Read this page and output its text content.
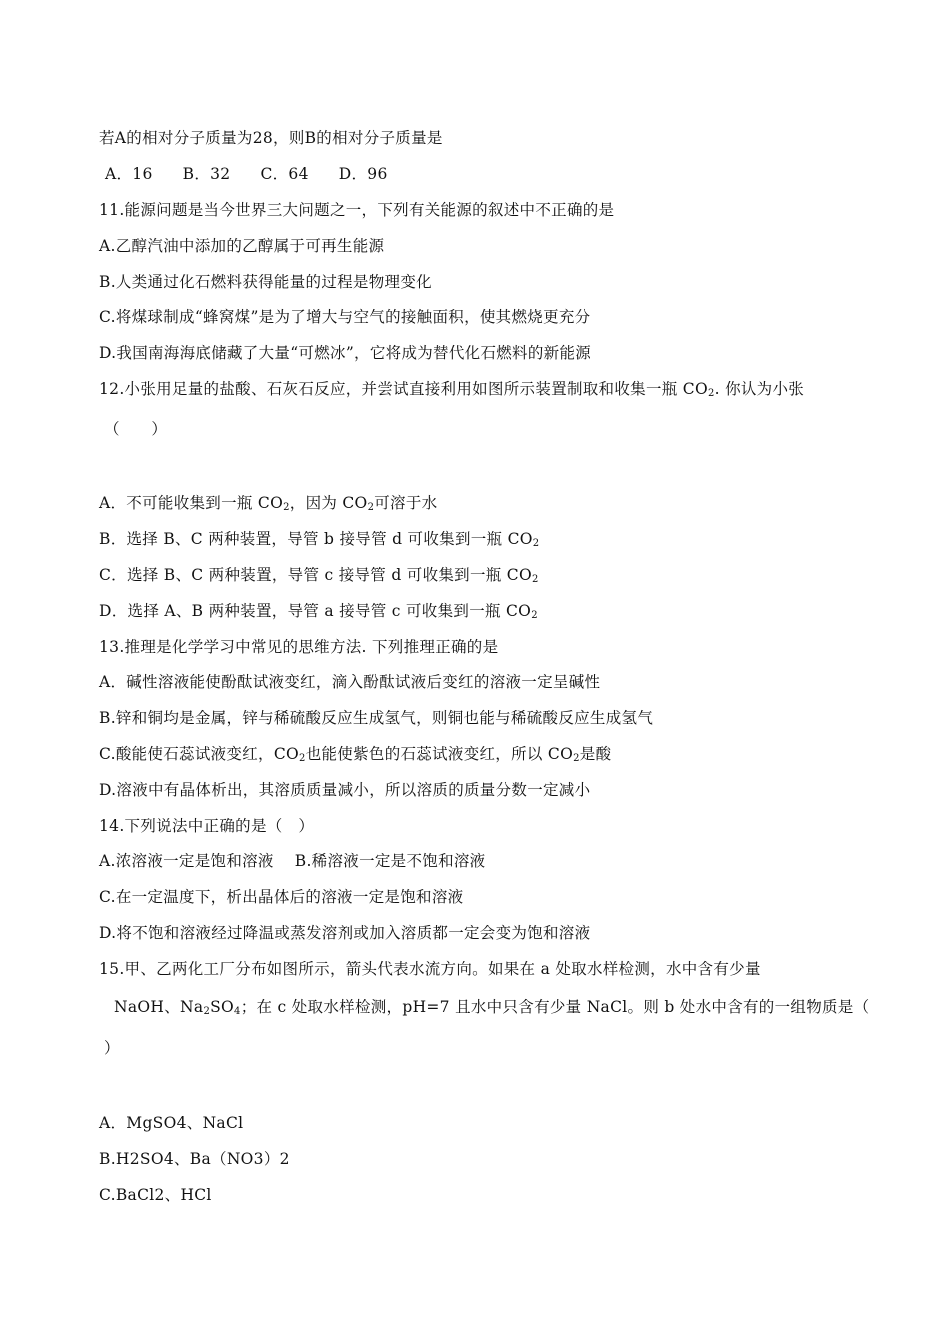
若A的相对分子质量为28，则B的相对分子质量是
A．16 B．32 C．64 D．96
11.能源问题是当今世界三大问题之一，下列有关能源的叙述中不正确的是
A.乙醇汽油中添加的乙醇属于可再生能源
B.人类通过化石燃料获得能量的过程是物理变化
C.将煤球制成“蜂窝煤”是为了增大与空气的接触面积，使其燃烧更充分
D.我国南海海底储藏了大量“可燃冰”，它将成为替代化石燃料的新能源
12.小张用足量的盐酸、石灰石反应，并尝试直接利用如图所示装置制取和收集一瓶 $CO_2$. 你认为小张
（　　）
A．不可能收集到一瓶 $CO_2$，因为 $CO_2$可溶于水
B．选择 B、C 两种装置，导管 b 接导管 d 可收集到一瓶 $CO_2$
C．选择 B、C 两种装置，导管 c 接导管 d 可收集到一瓶 $CO_2$
D．选择 A、B 两种装置，导管 a 接导管 c 可收集到一瓶 $CO_2$
13.推理是化学学习中常见的思维方法. 下列推理正确的是
A．碱性溶液能使酚酞试液变红，滴入酚酞试液后变红的溶液一定呈碱性
B.锌和铜均是金属，锌与稀硫酸反应生成氢气，则铜也能与稀硫酸反应生成氢气
C.酸能使石蕊试液变红，$CO_2$也能使紫色的石蕊试液变红，所以 $CO_2$是酸
D.溶液中有晶体析出，其溶质质量减小，所以溶质的质量分数一定减小
14.下列说法中正确的是（　）
A.浓溶液一定是饱和溶液　 B.稀溶液一定是不饱和溶液
C.在一定温度下，析出晶体后的溶液一定是饱和溶液
D.将不饱和溶液经过降温或蒸发溶剂或加入溶质都一定会变为饱和溶液
15.甲、乙两化工厂分布如图所示，箭头代表水流方向。如果在 a 处取水样检测，水中含有少量
NaOH、$Na_2SO_4$；在 c 处取水样检测，pH=7 且水中只含有少量 NaCl。则 b 处水中含有的一组物质是（
）
A．MgSO4、NaCl
B.H2SO4、Ba（NO3）2
C.BaCl2、HCl
